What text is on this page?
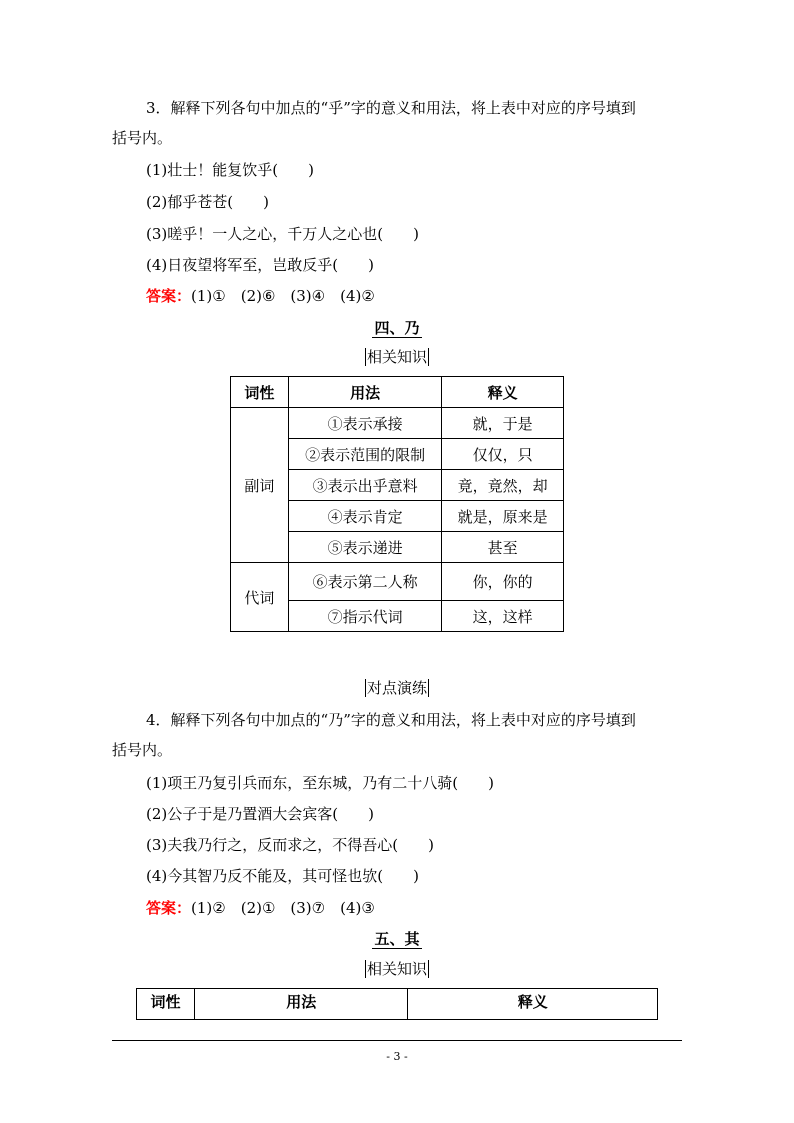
3．解释下列各句中加点的“乎”字的意义和用法，将上表中对应的序号填到
括号内。
(1)壮士！能复饮乎(　　)
(2)郁乎苍苍(　　)
(3)嗟乎！一人之心，千万人之心也(　　)
(4)日夜望将军至，岂敢反乎(　　)
答案：(1)①　(2)⑥　(3)④　(4)②
四、乃
相关知识
词性	用法	释义
副词	①表示承接	就，于是
	②表示范围的限制	仅仅，只
	③表示出乎意料	竟，竟然，却
	④表示肯定	就是，原来是
	⑤表示递进	甚至
代词	⑥表示第二人称	你，你的
	⑦指示代词	这，这样
对点演练
4．解释下列各句中加点的“乃”字的意义和用法，将上表中对应的序号填到
括号内。
(1)项王乃复引兵而东，至东城，乃有二十八骑(　　)
(2)公子于是乃置酒大会宾客(　　)
(3)夫我乃行之，反而求之，不得吾心(　　)
(4)今其智乃反不能及，其可怪也欤(　　)
答案：(1)②　(2)①　(3)⑦　(4)③
五、其
相关知识
词性	用法	释义
- 3 -
